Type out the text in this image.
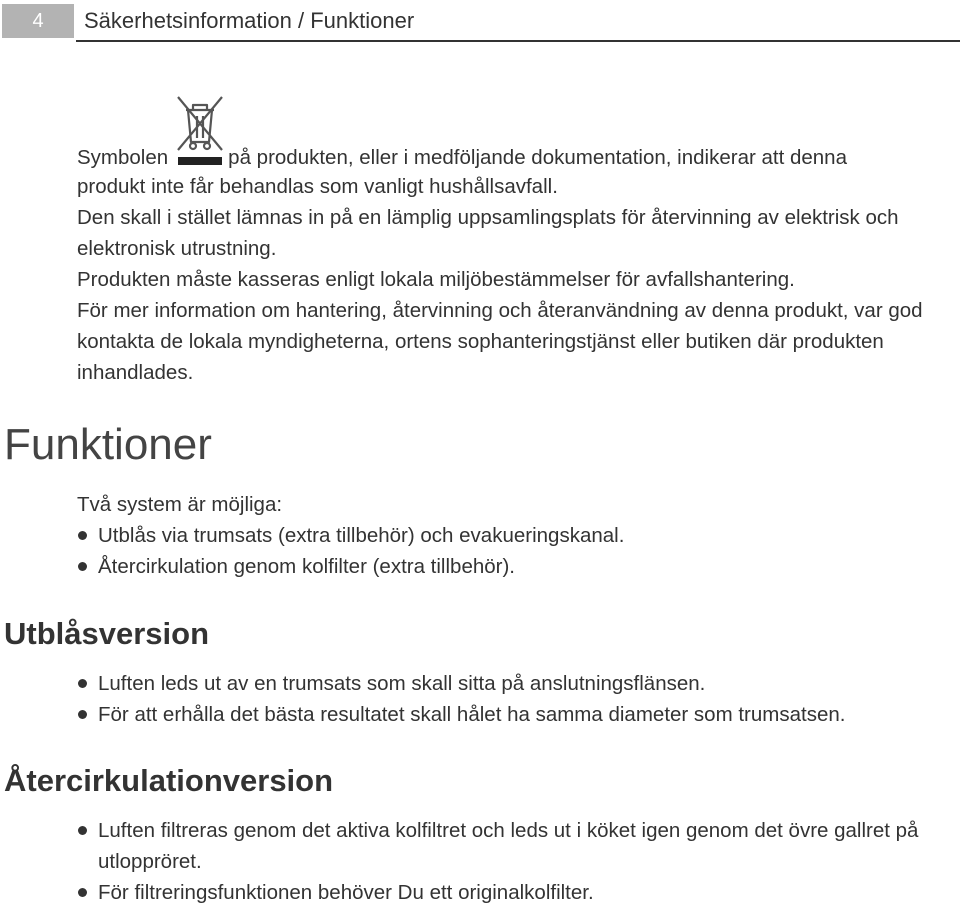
4	Säkerhetsinformation / Funktioner

Symbolen	på produkten, eller i medföljande dokumentation, indikerar att denna

produkt inte får behandlas som vanligt hushållsavfall.
Den skall i stället lämnas in på en lämplig uppsamlingsplats för återvinning av elektrisk och elektronisk utrustning.
Produkten måste kasseras enligt lokala miljöbestämmelser för avfallshantering.
För mer information om hantering, återvinning och återanvändning av denna produkt, var god kontakta de lokala myndigheterna, ortens sophanteringstjänst eller butiken där produkten inhandlades.

Funktioner

Två system är möjliga:

Utblås via trumsats (extra tillbehör) och evakueringskanal.
Återcirkulation genom kolfilter (extra tillbehör).
Utblåsversion
Luften leds ut av en trumsats som skall sitta på anslutningsflänsen.
För att erhålla det bästa resultatet skall hålet ha samma diameter som trumsatsen.
Återcirkulationversion
Luften filtreras genom det aktiva kolfiltret och leds ut i köket igen genom det övre gallret på utloppröret.
För filtreringsfunktionen behöver Du ett originalkolfilter.
